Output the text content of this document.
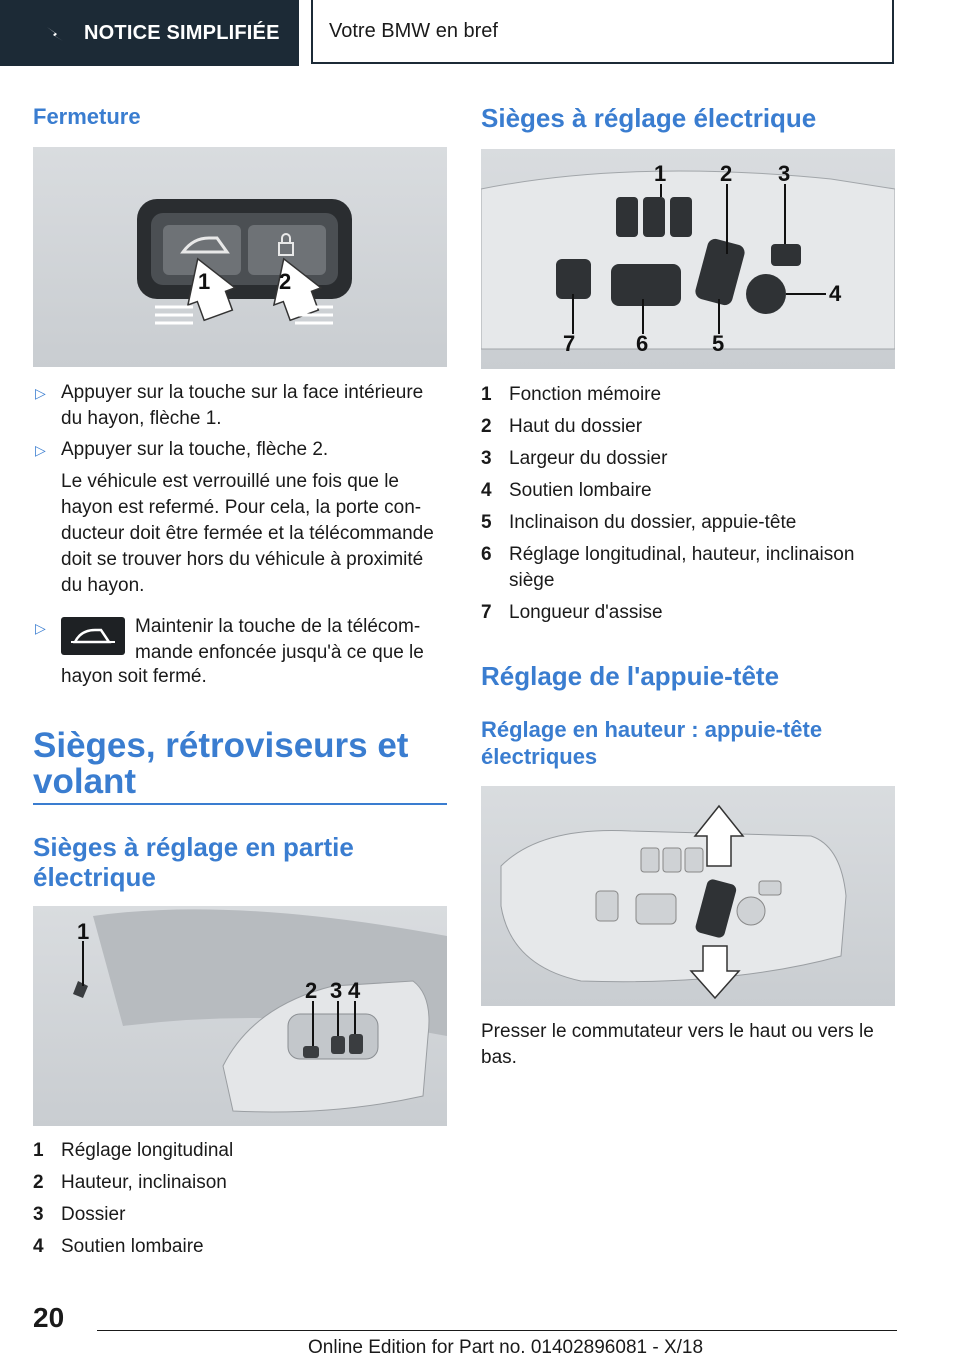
NOTICE SIMPLIFIÉE Votre BMW en bref
Fermeture
1	2
▷ Appuyer sur la touche sur la face intérieure

du hayon, flèche 1.

▷ Appuyer sur la touche, flèche 2.

Le véhicule est verrouillé une fois que le

hayon est refermé. Pour cela, la porte con‐

ducteur doit être fermée et la télécommande

doit se trouver hors du véhicule à proximité

du hayon.

▷	Maintenir la touche de la télécom‐

mande enfoncée jusqu'à ce que le

hayon soit fermé.

Sièges, rétroviseurs et

volant

Sièges à réglage en partie
électrique
1
2 3 4
1 Réglage longitudinal
2 Hauteur, inclinaison
3 Dossier
4 Soutien lombaire
Sièges à réglage électrique
1 2 3
4
5
6
7
1 Fonction mémoire
2 Haut du dossier
3 Largeur du dossier
4 Soutien lombaire
5 Inclinaison du dossier, appuie-tête
6 Réglage longitudinal, hauteur, inclinaison
siège
7 Longueur d'assise
Réglage de l'appuie-tête
Réglage en hauteur : appuie-tête
électriques

Presser le commutateur vers le haut ou vers le

bas.

20
Online Edition for Part no. 01402896081 - X/18
